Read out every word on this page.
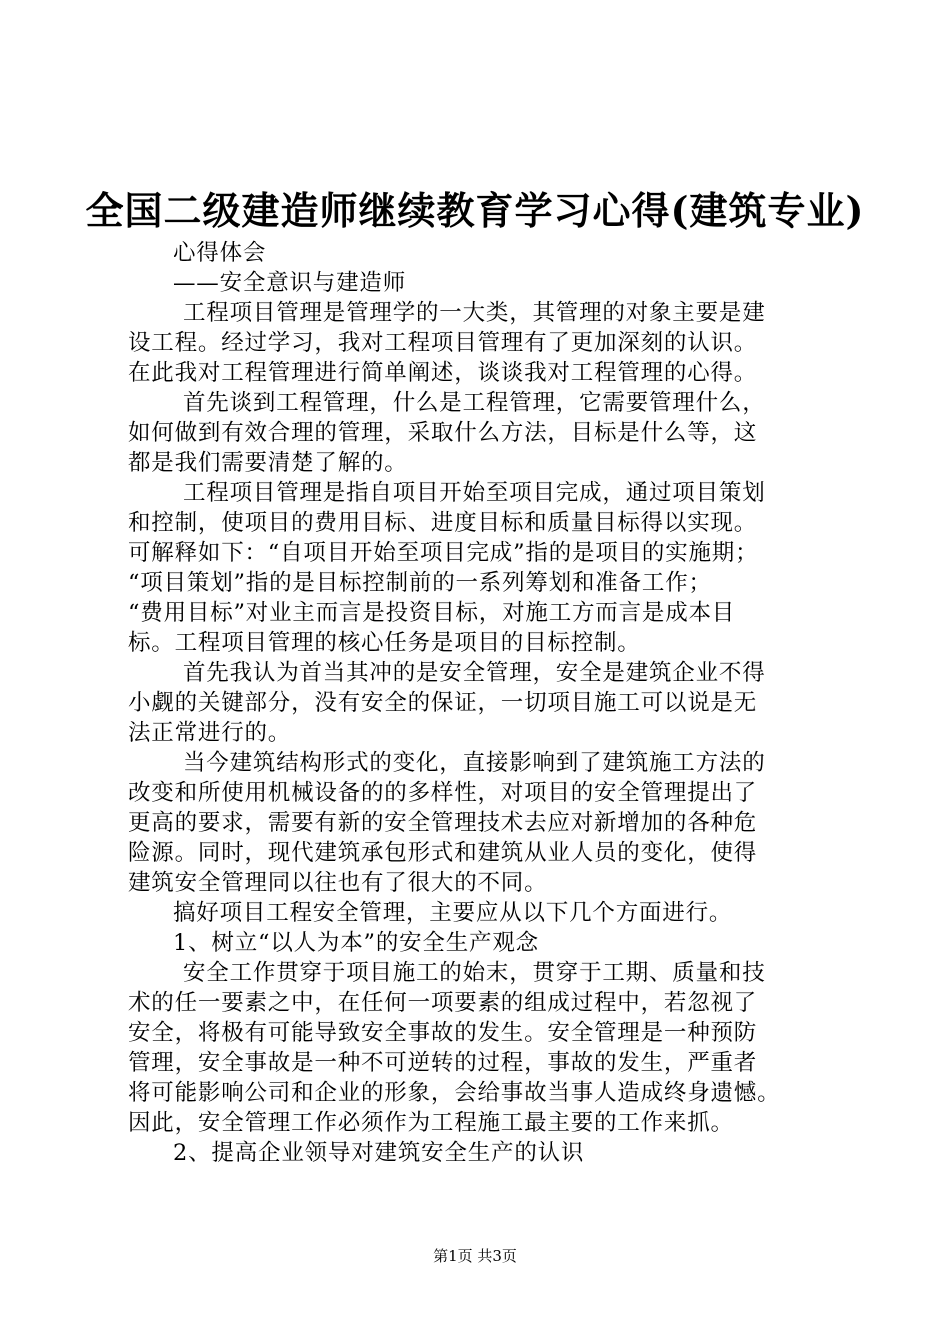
全国二级建造师继续教育学习心得(建筑专业)
心得体会
——安全意识与建造师
工程项目管理是管理学的一大类，其管理的对象主要是建
设工程。经过学习，我对工程项目管理有了更加深刻的认识。
在此我对工程管理进行简单阐述，谈谈我对工程管理的心得。
首先谈到工程管理，什么是工程管理，它需要管理什么，
如何做到有效合理的管理，采取什么方法，目标是什么等，这
都是我们需要清楚了解的。
工程项目管理是指自项目开始至项目完成，通过项目策划
和控制，使项目的费用目标、进度目标和质量目标得以实现。
可解释如下：“自项目开始至项目完成”指的是项目的实施期；
“项目策划”指的是目标控制前的一系列筹划和准备工作；
“费用目标”对业主而言是投资目标，对施工方而言是成本目
标。工程项目管理的核心任务是项目的目标控制。
首先我认为首当其冲的是安全管理，安全是建筑企业不得
小觑的关键部分，没有安全的保证，一切项目施工可以说是无
法正常进行的。
当今建筑结构形式的变化，直接影响到了建筑施工方法的
改变和所使用机械设备的的多样性，对项目的安全管理提出了
更高的要求，需要有新的安全管理技术去应对新增加的各种危
险源。同时，现代建筑承包形式和建筑从业人员的变化，使得
建筑安全管理同以往也有了很大的不同。
搞好项目工程安全管理，主要应从以下几个方面进行。
1、树立“以人为本”的安全生产观念
安全工作贯穿于项目施工的始末，贯穿于工期、质量和技
术的任一要素之中，在任何一项要素的组成过程中，若忽视了
安全，将极有可能导致安全事故的发生。安全管理是一种预防
管理，安全事故是一种不可逆转的过程，事故的发生，严重者
将可能影响公司和企业的形象，会给事故当事人造成终身遗憾。
因此，安全管理工作必须作为工程施工最主要的工作来抓。
2、提高企业领导对建筑安全生产的认识
第1页 共3页
